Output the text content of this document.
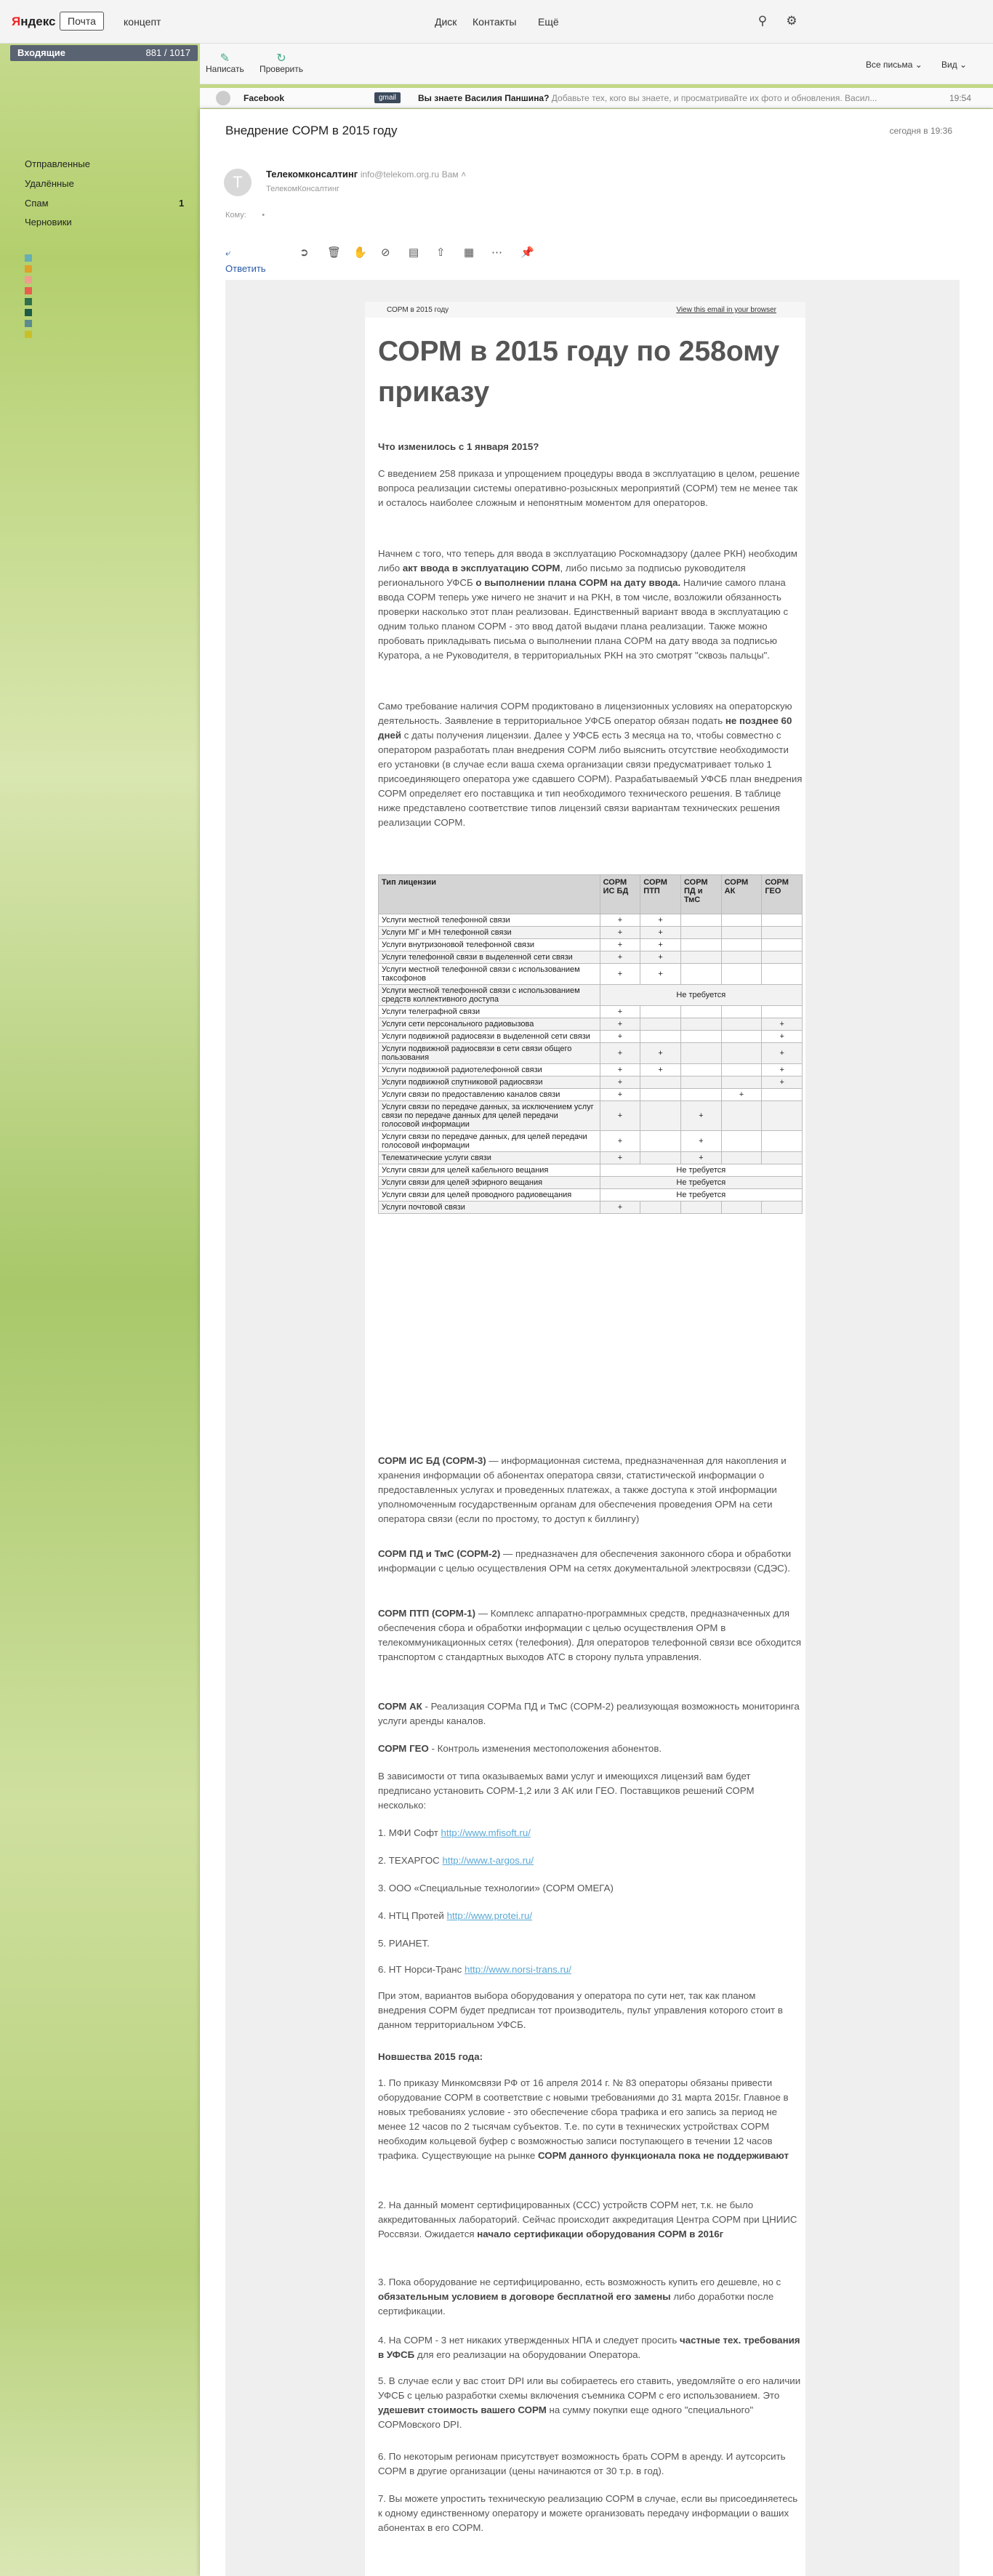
Яндекс	Почта	концепт	Диск Контакты Ещё	⚲ ⚙
Входящие	881 / 1017
Отправленные
Удалённые
Спам	1
Черновики
✎
Написать
↻
Проверить	Все письма ⌄ Вид ⌄
Facebook	gmail	Вы знаете Василия Паншина? Добавьте тех, кого вы знаете, и просматривайте их фото и обновления. Васил...	19:54
Внедрение СОРМ в 2015 году	сегодня в 19:36
Т	Телекомконсалтинг info@telekom.org.ru Вам ˄
ТелекомКонсалтинг
Кому: •
⤶ Ответить
➲ 🗑 ✋ ⊘ ▤ ⇧ ▦ ⋯ 📌
СОРМ в 2015 году	View this email in your browser
СОРМ в 2015 году по 258ому приказу
Что изменилось с 1 января 2015?
С введением 258 приказа и упрощением процедуры ввода в эксплуатацию в целом, решение вопроса реализации системы оперативно-розыскных мероприятий (СОРМ) тем не менее так и осталось наиболее сложным и непонятным моментом для операторов.
Начнем с того, что теперь для ввода в эксплуатацию Роскомнадзору (далее РКН) необходим либо акт ввода в эксплуатацию СОРМ, либо письмо за подписью руководителя регионального УФСБ о выполнении плана СОРМ на дату ввода. Наличие самого плана ввода СОРМ теперь уже ничего не значит и на РКН, в том числе, возложили обязанность проверки насколько этот план реализован. Единственный вариант ввода в эксплуатацию с одним только планом СОРМ - это ввод датой выдачи плана реализации. Также можно пробовать прикладывать письма о выполнении плана СОРМ на дату ввода за подписью Куратора, а не Руководителя, в территориальных РКН на это смотрят "сквозь пальцы".
Само требование наличия СОРМ продиктовано в лицензионных условиях на операторскую деятельность. Заявление в территориальное УФСБ оператор обязан подать не позднее 60 дней с даты получения лицензии. Далее у УФСБ есть 3 месяца на то, чтобы совместно с оператором разработать план внедрения СОРМ либо выяснить отсутствие необходимости его установки (в случае если ваша схема организации связи предусматривает только 1 присоединяющего оператора уже сдавшего СОРМ). Разрабатываемый УФСБ план внедрения СОРМ определяет его поставщика и тип необходимого технического решения. В таблице ниже представлено соответствие типов лицензий связи вариантам технических решения реализации СОРМ.
Тип лицензии	СОРМ ИС БД	СОРМ ПТП	СОРМ ПД и ТмС	СОРМ АК	СОРМ ГЕО
Услуги местной телефонной связи	+	+			
Услуги МГ и МН телефонной связи	+	+			
Услуги внутризоновой телефонной связи	+	+			
Услуги телефонной связи в выделенной сети связи	+	+			
Услуги местной телефонной связи с использованием таксофонов	+	+			
Услуги местной телефонной связи с использованием средств коллективного доступа	Не требуется				
Услуги телеграфной связи	+				
Услуги сети персонального радиовызова	+				+
Услуги подвижной радиосвязи в выделенной сети связи	+				+
Услуги подвижной радиосвязи в сети связи общего пользования	+	+			+
Услуги подвижной радиотелефонной связи	+	+			+
Услуги подвижной спутниковой радиосвязи	+				+
Услуги связи по предоставлению каналов связи	+			+	
Услуги связи по передаче данных, за исключением услуг связи по передаче данных для целей передачи голосовой информации	+		+		
Услуги связи по передаче данных, для целей передачи голосовой информации	+		+		
Телематические услуги связи	+		+		
Услуги связи для целей кабельного вещания	Не требуется				
Услуги связи для целей эфирного вещания	Не требуется				
Услуги связи для целей проводного радиовещания	Не требуется				
Услуги почтовой связи	+				
СОРМ ИС БД (СОРМ-3) — информационная система, предназначенная для накопления и хранения информации об абонентах оператора связи, статистической информации о предоставленных услугах и проведенных платежах, а также доступа к этой информации уполномоченным государственным органам для обеспечения проведения ОРМ на сети оператора связи (если по простому, то доступ к биллингу)
СОРМ ПД и ТмС (СОРМ-2) — предназначен для обеспечения законного сбора и обработки информации с целью осуществления ОРМ на сетях документальной электросвязи (СДЭС).
СОРМ ПТП (СОРМ-1) — Комплекс аппаратно-программных средств, предназначенных для обеспечения сбора и обработки информации с целью осуществления ОРМ в телекоммуникационных сетях (телефония). Для операторов телефонной связи все обходится транспортом с стандартных выходов АТС в сторону пульта управления.
СОРМ АК - Реализация СОРМа ПД и ТмС (СОРМ-2) реализующая возможность мониторинга услуги аренды каналов.
СОРМ ГЕО - Контроль изменения местоположения абонентов.
В зависимости от типа оказываемых вами услуг и имеющихся лицензий вам будет предписано установить СОРМ-1,2 или 3 АК или ГЕО. Поставщиков решений СОРМ несколько:
1. МФИ Софт http://www.mfisoft.ru/
2. ТЕХАРГОС http://www.t-argos.ru/
3. ООО «Специальные технологии» (СОРМ ОМЕГА)
4. НТЦ Протей http://www.protei.ru/
5. РИАНЕТ.
6. НТ Норси-Транс http://www.norsi-trans.ru/
При этом, вариантов выбора оборудования у оператора по сути нет, так как планом внедрения СОРМ будет предписан тот производитель, пульт управления которого стоит в данном территориальном УФСБ.
Новшества 2015 года:
1. По приказу Минкомсвязи РФ от 16 апреля 2014 г. № 83 операторы обязаны привести оборудование СОРМ в соответствие с новыми требованиями до 31 марта 2015г. Главное в новых требованиях условие - это обеспечение сбора трафика и его запись за период не менее 12 часов по 2 тысячам субъектов. Т.е. по сути в технических устройствах СОРМ необходим кольцевой буфер с возможностью записи поступающего в течении 12 часов трафика. Существующие на рынке СОРМ данного функционала пока не поддерживают
2. На данный момент сертифицированных (ССС) устройств СОРМ нет, т.к. не было аккредитованных лабораторий. Сейчас происходит аккредитация Центра СОРМ при ЦНИИС Россвязи. Ожидается начало сертификации оборудования СОРМ в 2016г
3. Пока оборудование не сертифицированно, есть возможность купить его дешевле, но с обязательным условием в договоре бесплатной его замены либо доработки после сертификации.
4. На СОРМ - 3 нет никаких утвержденных НПА и следует просить частные тех. требования в УФСБ для его реализации на оборудовании Оператора.
5. В случае если у вас стоит DPI или вы собираетесь его ставить, уведомляйте о его наличии УФСБ с целью разработки схемы включения съемника СОРМ с его использованием. Это удешевит стоимость вашего СОРМ на сумму покупки еще одного "специального" СОРМовского DPI.
6. По некоторым регионам присутствует возможность брать СОРМ в аренду. И аутсорсить СОРМ в другие организации (цены начинаются от 30 т.р. в год).
7. Вы можете упростить техническую реализацию СОРМ в случае, если вы присоединяетесь к одному единственному оператору и можете организовать передачу информации о ваших абонентах в его СОРМ.
